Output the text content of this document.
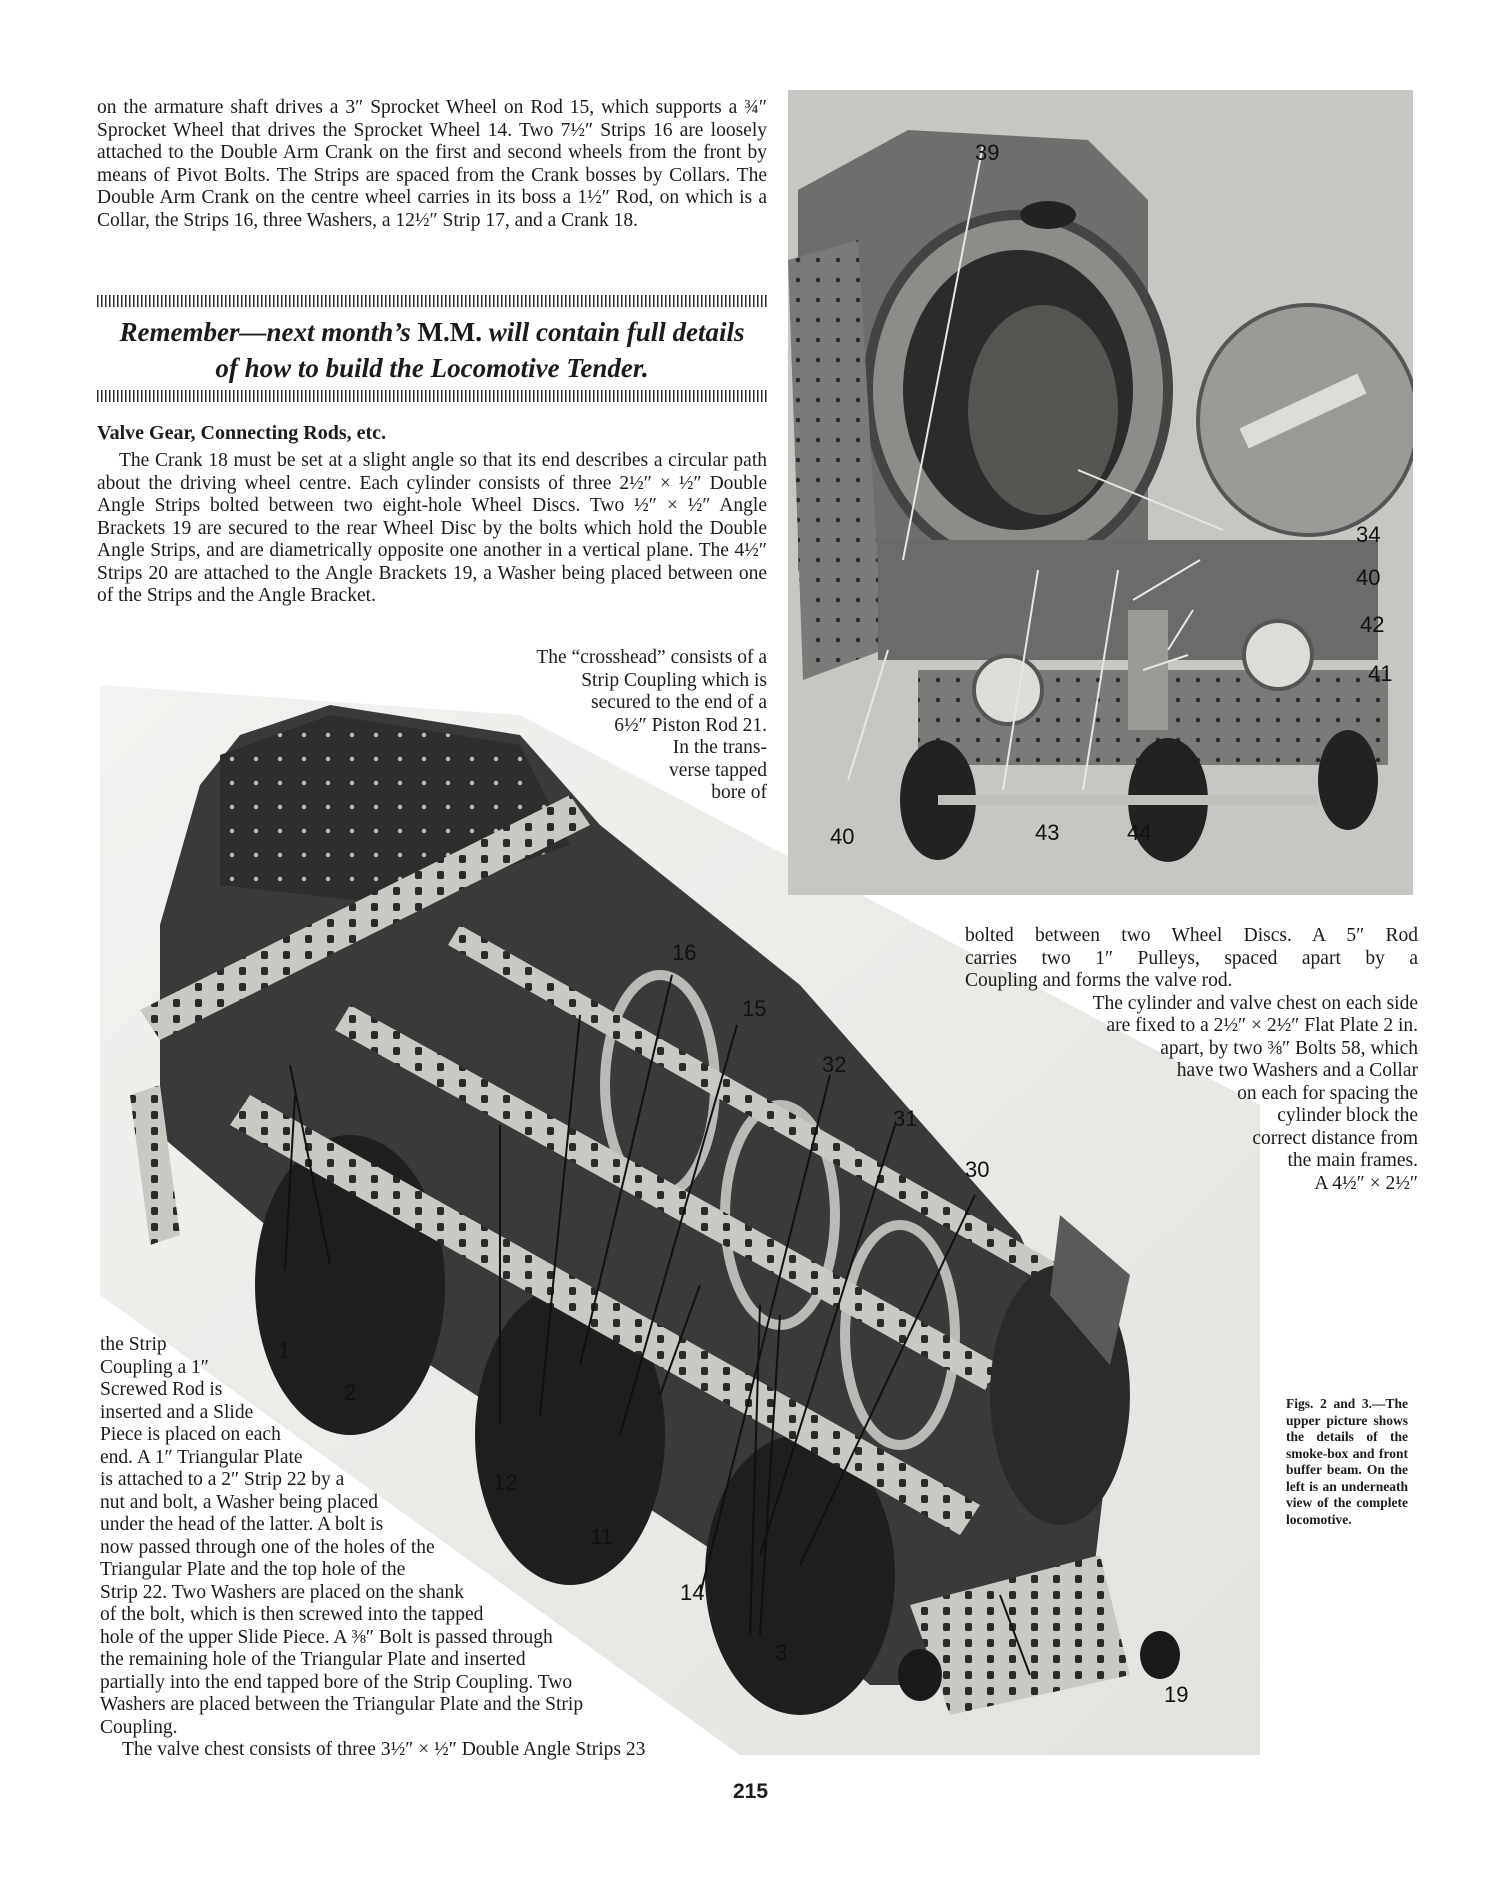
on the armature shaft drives a 3″ Sprocket Wheel on Rod 15, which supports a ¾″ Sprocket Wheel that drives the Sprocket Wheel 14. Two 7½″ Strips 16 are loosely attached to the Double Arm Crank on the first and second wheels from the front by means of Pivot Bolts. The Strips are spaced from the Crank bosses by Collars. The Double Arm Crank on the centre wheel carries in its boss a 1½″ Rod, on which is a Collar, the Strips 16, three Washers, a 12½″ Strip 17, and a Crank 18.

Remember—next month’s M.M. will contain full details
of how to build the Locomotive Tender.
Valve Gear, Connecting Rods, etc.

The Crank 18 must be set at a slight angle so that its end describes a circular path about the driving wheel centre. Each cylinder consists of three 2½″ × ½″ Double Angle Strips bolted between two eight-hole Wheel Discs. Two ½″ × ½″ Angle Brackets 19 are secured to the rear Wheel Disc by the bolts which hold the Double Angle Strips, and are diametrically opposite one another in a vertical plane. The 4½″ Strips 20 are attached to the Angle Brackets 19, a Washer being placed between one of the Strips and the Angle Bracket.

The “crosshead” consists of a
Strip Coupling which is
secured to the end of a
6½″ Piston Rod 21.
In the trans-
verse tapped
bore of
16
15
32
31
30
1
2
12
11
14
3
19
39
34
40
42
41
40	43	44
bolted between two Wheel Discs. A 5″ Rod
carries two 1″ Pulleys, spaced apart by a
Coupling and forms the valve rod.
The cylinder and valve chest on each side
are fixed to a 2½″ × 2½″ Flat Plate 2 in.
apart, by two ⅜″ Bolts 58, which
have two Washers and a Collar
on each for spacing the
cylinder block the
correct distance from
the main frames.
A 4½″ × 2½″
the Strip
Coupling a 1″
Screwed Rod is
inserted and a Slide
Piece is placed on each
end. A 1″ Triangular Plate
is attached to a 2″ Strip 22 by a
nut and bolt, a Washer being placed
under the head of the latter. A bolt is
now passed through one of the holes of the
Triangular Plate and the top hole of the
Strip 22. Two Washers are placed on the shank
of the bolt, which is then screwed into the tapped
hole of the upper Slide Piece. A ⅜″ Bolt is passed through
the remaining hole of the Triangular Plate and inserted
partially into the end tapped bore of the Strip Coupling. Two
Washers are placed between the Triangular Plate and the Strip
Coupling.
The valve chest consists of three 3½″ × ½″ Double Angle Strips 23
Figs. 2 and 3.—The upper picture shows the details of the smoke-box and front buffer beam. On the left is an underneath view of the complete locomotive.
215
